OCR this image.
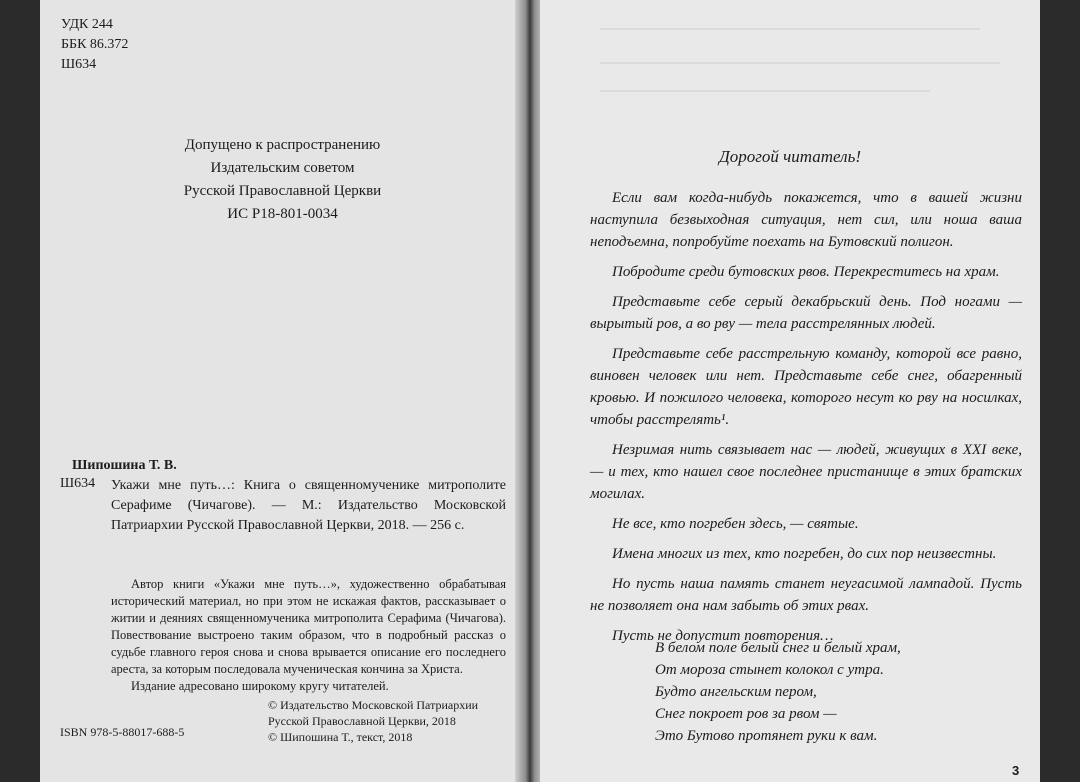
УДК 244
ББК 86.372
Ш634
Допущено к распространению
Издательским советом
Русской Православной Церкви
ИС Р18-801-0034
Шипошина Т. В.
Ш634 Укажи мне путь…: Книга о священномученике митрополите Серафиме (Чичагове). — М.: Издательство Московской Патриархии Русской Православной Церкви, 2018. — 256 с.

Автор книги «Укажи мне путь…», художественно обрабатывая исторический материал, но при этом не искажая фактов, рассказывает о житии и деяниях священномученика митрополита Серафима (Чичагова). Повествование выстроено таким образом, что в подробный рассказ о судьбе главного героя снова и снова врывается описание его последнего ареста, за которым последовала мученическая кончина за Христа.

Издание адресовано широкому кругу читателей.

© Издательство Московской Патриархии
Русской Православной Церкви, 2018
© Шипошина Т., текст, 2018
ISBN 978-5-88017-688-5
Дорогой читатель!

Если вам когда-нибудь покажется, что в вашей жизни наступила безвыходная ситуация, нет сил, или ноша ваша неподъемна, попробуйте поехать на Бутовский полигон.

Побродите среди бутовских рвов. Перекреститесь на храм.

Представьте себе серый декабрьский день. Под ногами — вырытый ров, а во рву — тела расстрелянных людей.

Представьте себе расстрельную команду, которой все равно, виновен человек или нет. Представьте себе снег, обагренный кровью. И пожилого человека, которого несут ко рву на носилках, чтобы расстрелять¹.

Незримая нить связывает нас — людей, живущих в XXI веке, — и тех, кто нашел свое последнее пристанище в этих братских могилах.

Не все, кто погребен здесь, — святые.

Имена многих из тех, кто погребен, до сих пор неизвестны.

Но пусть наша память станет неугасимой лампадой. Пусть не позволяет она нам забыть об этих рвах.

Пусть не допустит повторения…

В белом поле белый снег и белый храм,
От мороза стынет колокол с утра.
Будто ангельским пером,
Снег покроет ров за рвом —
Это Бутово протянет руки к вам.
3
